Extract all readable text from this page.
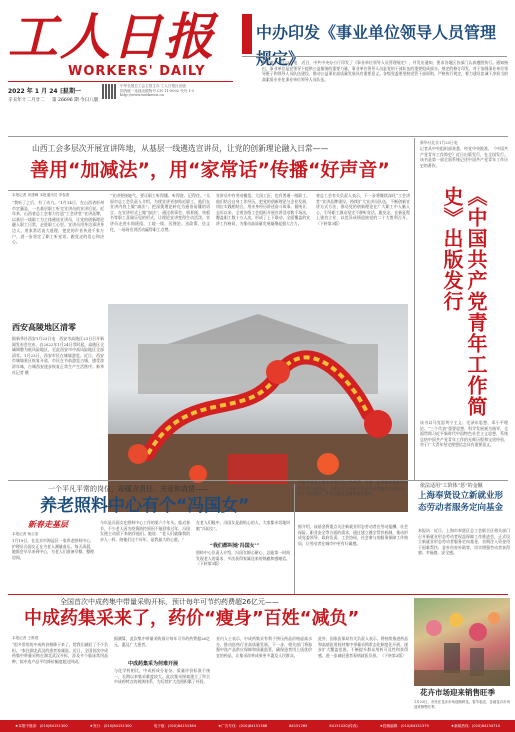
工人日报
WORKERS' DAILY
2022 年 1 月 24 日
星期一
辛丑年十二月廿二 第 26696 期 今日八版
中华全国总工会主管主办 工人日报社出版
国内统一连续出版物号 CN 11-0002 代号 1-5
http://www.workercn.cn
中办印发《事业单位领导人员管理规定》
本报北京1月23日电　近日，中共中央办公厅印发了《事业单位领导人员管理规定》，并发出通知，要求各地区各部门认真遵照执行。通知指出，事业单位是党领导下提供公益服务的重要力量，事业单位领导人员是党的干部队伍的重要组成部分。规定的修订印发，对于加强事业单位领导班子和领导人员队伍建设，推动公益事业高质量发展具有重要意义。各级党委要坚持党管干部原则，严格执行规定，着力建设忠诚干净担当的高素质专业化事业单位领导人员队伍。
山西工会多层次开展宣讲阵地，从基层一线遴选宣讲员，让党的创新理论融入日常——
善用“加减法”，用“家常话”传播“好声音”
本报记者 刘建峰 本报通讯员 李春燕
“我听了之后，有了动力。”1月14日，在山西省忻州市定襄县，一名基层职工听完宣讲员的宣讲后说。近年来，山西省总工会着力打造“工会讲堂”宣讲品牌，以基层一线职工为主体遴选宣讲员，让党的创新理论融入职工日常，走进职工心里。宣讲员用身边事讲身边人，用家常话说大道理，把党的声音传进千家万户，进一步坚定了职工听党话、跟党走的信心和决心。
“宣讲要接地气，要让职工听得懂、听得进、记得住。”太原市总工会负责人介绍，为使宣讲更加贴近职工，他们在宣讲内容上做“减法”，把深奥理论转化为通俗易懂的语言；在宣讲形式上做“加法”，通过故事会、情景剧、快板书等职工喜闻乐见的形式，让理论宣讲变得生动活泼。宣讲员走进车间班组、工地一线，送理论、送政策、送文化，一场场宣讲活动赢得职工点赞。
宣讲员中有劳动模范、大国工匠，也有普通一线职工。他们结合自身工作经历，把党的创新理论与企业发展、岗位实践相结合，用亲身经历讲述奋斗故事。据统计，去年以来，全省各级工会组织开展宣讲活动数千场次，覆盖职工数十万人次，形成了上下联动、全面覆盖的宣讲工作格局，为推动高质量发展凝聚起强大合力。
省总工会有关负责人表示，下一步将继续深化“工会讲堂”宣讲品牌建设，持续扩大宣讲员队伍，不断创新宣讲方式方法，推动党的创新理论在广大职工中入脑入心，引导职工群众坚定不移听党话、跟党走，在新征程上建功立业，以优异成绩迎接党的二十大胜利召开。（下转第3版）
新华社北京1月23日电
记者从中央组织部获悉，经党中央批准，《中国共产党青年工作简史》近日出版发行，在全国发行。该书是第一部全面系统记述中国共产党青年工作历史的著作。
《中国共产党青年工作简史》出版发行
该书以马克思列宁主义、毛泽东思想、邓小平理论、“三个代表”重要思想、科学发展观为指导，全面贯彻习近平新时代中国特色社会主义思想，系统总结中国共产党青年工作的光辉历程和宝贵经验，对于广大青年坚定理想信念具有重要意义。
西安高陵地区清零
据新华社西安1月23日电　西安市高陵区23日召开新闻发布会宣布，自2022年1月24日零时起，高陵区全域调整为低风险地区，至此西安市中高风险地区全部清零。1月23日，西安市民在城墙游览。近日，西安市城墙景区恢复开放，市民在节前游览古城，感受浓浓年味，古城西安逐步恢复正常生产生活秩序。新华社记者 摄
一个平凡平常的岗位，却蕴含责任、关爱和真情——
养老照料中心有个“冯国女”
新春走基层
本报记者 杨召奎
1月19日，在北京市海淀区一家养老照料中心，护理员冯国女正在为老人测量血压。每天清晨，她都会早早来到中心，为老人们准备早餐、整理房间。
今年是冯国女在照料中心工作的第六个年头。临近春节，不少老人因为疫情防控原因不能回家过年，冯国女便主动留下来陪伴他们。她说：“老人们就像我的亲人一样，陪他们过个好年，是我最大的心愿。”
在老人们眼中，冯国女是最贴心的人，大家都亲切地叫她“冯闺女”。
“我们都叫她‘冯国女’”
照料中心负责人介绍，冯国女细心耐心，总能第一时间发现老人的需求，多次获得家属送来的锦旗和感谢信。（下转第3版）
记者日前从上海市奉贤区总工会获悉，为进一步保障新就业形态劳动者合法权益，当地设立了新就业形态劳动者服务定向基金，用于为快递员、外卖送餐员等群体提供帮扶。
依法适用“工阶体”惩”的金额
上海奉贤设立新就业形态劳动者服务定向基金
本报讯　近日，上海市奉贤区总工会联合区相关部门召开新就业形态劳动者权益保障工作推进会，正式设立新就业形态劳动者服务定向基金，首期注入资金用于困难帮扶、意外伤害补助等，切实增强劳动者获得感、幸福感、安全感。
据介绍，该基金将重点关注新就业形态劳动者在劳动报酬、社会保险、职业安全等方面的需求，通过建立健全帮扶机制，推动形成党委领导、政府负责、工会协同、社会参与的服务保障工作格局，让劳动者在城市中更有归属感。
全国首次中成药集中带量采购开标，预计每年可节约药费超26亿元——
中成药集采来了，药价“瘦身”百姓“减负”
本报记者 王维砚
“很多常用的中成药价格降下来了，给我们减轻了不少负担。”家住湖北武汉的患者家属说。近日，全国首次中成药集中带量采购在湖北武汉开标，涉及多个临床常用品种，拟中选产品平均降价幅度超过四成。
据测算，此次集中带量采购预计每年可节约药费超26亿元，惠及广大患者。
中成药集采为何难开展
与化学药相比，中成药成分复杂、质量评价标准不统一，长期以来集采难度较大。此次集采探索建立了符合中成药特点的规则体系，为后续扩大范围积累了经验。
业内人士表示，中成药集采有利于挤压药品价格虚高水分，推动医药行业高质量发展。下一步，相关部门将加强中选产品供应保障和质量监管，确保患者用上质优价宜的药品，让集采改革成果更多惠及人民群众。
此外，国家医保局有关负责人表示，将持续推进药品和高值医用耗材集中带量采购常态化制度化开展，逐步扩大覆盖范围，不断提升群众用药可及性和获得感，进一步减轻患者看病就医负担。（下转第3版）
花卉市场迎来销售旺季
1月23日，市民在花卉市场选购鲜花。春节临近，各地花卉市场迎来销售旺季。
★本报中继部：(010)84151300	★发行：(010)84151300	电子版：(010)84151364	★广告专线：(010)84151388	84151265	84151020(传真)	★投稿编辑：(010)84151379	★新闻热线：(010)84134710
